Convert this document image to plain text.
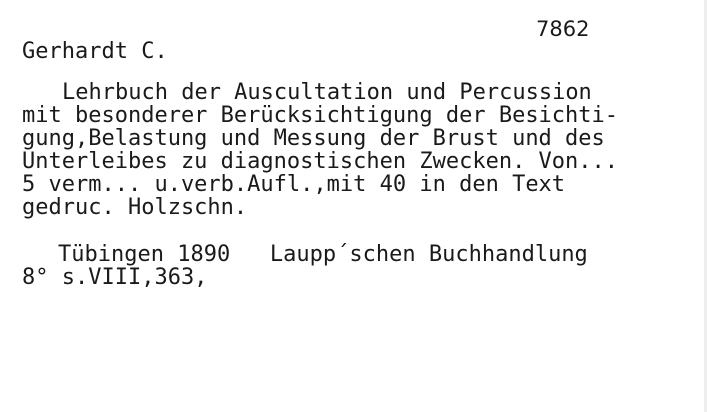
7862
Gerhardt C.
Lehrbuch der Auscultation und Percussion
mit besonderer Berücksichtigung der Besichti-
gung,Belastung und Messung der Brust und des
Unterleibes zu diagnostischen Zwecken. Von...
5 verm... u.verb.Aufl.,mit 40 in den Text
gedruc. Holzschn.
Tübingen 1890   Laupp´schen Buchhandlung
8° s.VIII,363,
